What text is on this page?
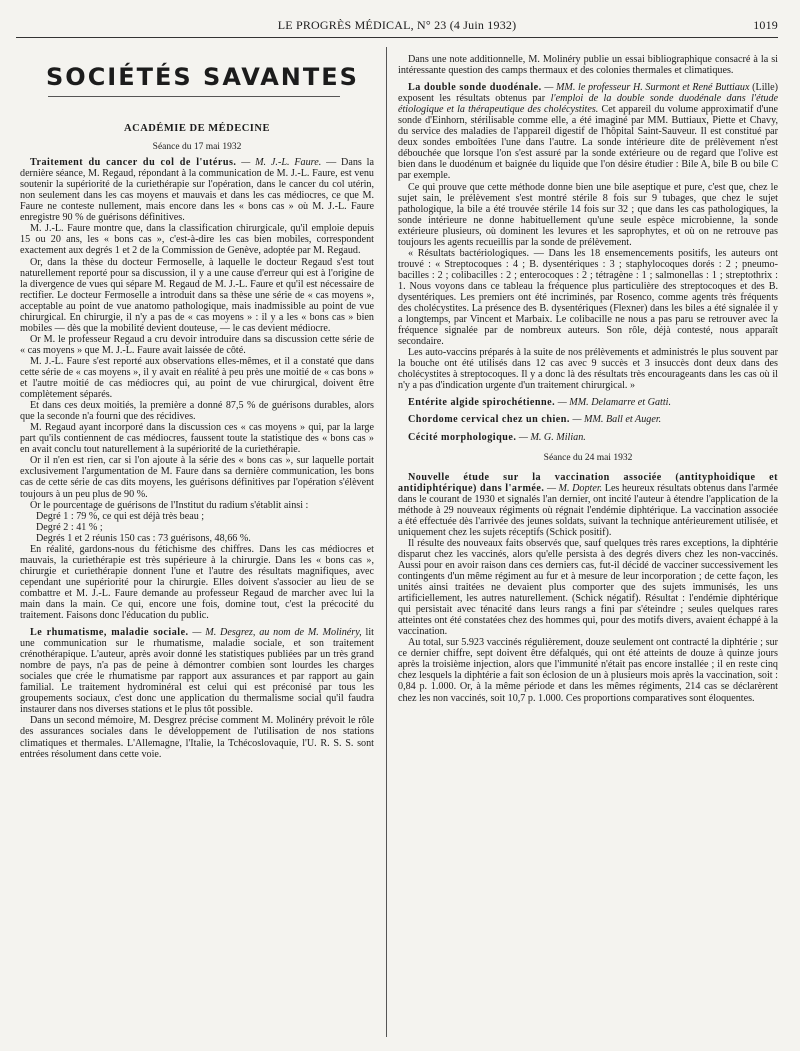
LE PROGRÈS MÉDICAL, N° 23 (4 Juin 1932)	1019
SOCIÉTÉS SAVANTES
ACADÉMIE DE MÉDECINE
Séance du 17 mai 1932

Traitement du cancer du col de l'utérus. — M. J.-L. Faure. — Dans la dernière séance, M. Regaud, répondant à la communication de M. J.-L. Faure, est venu soutenir la supériorité de la curiethérapie sur l'opération, dans le cancer du col utérin, non seulement dans les cas moyens et mauvais et dans les cas médiocres, ce que M. Faure ne conteste nullement, mais encore dans les « bons cas » où M. J.-L. Faure enregistre 90 % de guérisons définitives.

M. J.-L. Faure montre que, dans la classification chirurgicale, qu'il emploie depuis 15 ou 20 ans, les « bons cas », c'est-à-dire les cas bien mobiles, correspondent exactement aux degrés 1 et 2 de la Commission de Genève, adoptée par M. Regaud.

Or, dans la thèse du docteur Fermoselle, à laquelle le docteur Regaud s'est tout naturellement reporté pour sa discussion, il y a une cause d'erreur qui est à l'origine de la divergence de vues qui sépare M. Regaud de M. J.-L. Faure et qu'il est nécessaire de rectifier. Le docteur Fermoselle a introduit dans sa thèse une série de « cas moyens », acceptable au point de vue anatomo pathologique, mais inadmissible au point de vue chirurgical. En chirurgie, il n'y a pas de « cas moyens » : il y a les « bons cas » bien mobiles — dès que la mobilité devient douteuse, — le cas devient médiocre.

Or M. le professeur Regaud a cru devoir introduire dans sa discussion cette série de « cas moyens » que M. J.-L. Faure avait laissée de côté.

M. J.-L. Faure s'est reporté aux observations elles-mêmes, et il a constaté que dans cette série de « cas moyens », il y avait en réalité à peu près une moitié de « cas bons » et l'autre moitié de cas médiocres qui, au point de vue chirurgical, doivent être complètement séparés.

Et dans ces deux moitiés, la première a donné 87,5 % de guérisons durables, alors que la seconde n'a fourni que des récidives.

M. Regaud ayant incorporé dans la discussion ces « cas moyens » qui, par la large part qu'ils contiennent de cas médiocres, faussent toute la statistique des « bons cas » en avait conclu tout naturellement à la supériorité de la curiethérapie.

Or il n'en est rien, car si l'on ajoute à la série des « bons cas », sur laquelle portait exclusivement l'argumentation de M. Faure dans sa dernière communication, les bons cas de cette série de cas dits moyens, les guérisons définitives par l'opération s'élèvent toujours à un peu plus de 90 %.

Or le pourcentage de guérisons de l'Institut du radium s'établit ainsi :

Degré 1 : 79 %, ce qui est déjà très beau ;

Degré 2 : 41 % ;

Degrés 1 et 2 réunis 150 cas : 73 guérisons, 48,66 %.

En réalité, gardons-nous du fétichisme des chiffres. Dans les cas médiocres et mauvais, la curiethérapie est très supérieure à la chirurgie. Dans les « bons cas », chirurgie et curiethérapie donnent l'une et l'autre des résultats magnifiques, avec cependant une supériorité pour la chirurgie. Elles doivent s'associer au lieu de se combattre et M. J.-L. Faure demande au professeur Regaud de marcher avec lui la main dans la main. Ce qui, encore une fois, domine tout, c'est la précocité du traitement. Faisons donc l'éducation du public.

Le rhumatisme, maladie sociale. — M. Desgrez, au nom de M. Molinéry, lit une communication sur le rhumatisme, maladie sociale, et son traitement crénothérapique. L'auteur, après avoir donné les statistiques publiées par un très grand nombre de pays, n'a pas de peine à démontrer combien sont lourdes les charges sociales que crée le rhumatisme par rapport aux assurances et par rapport au gain familial. Le traitement hydrominéral est celui qui est préconisé par tous les groupements sociaux, c'est donc une application du thermalisme social qu'il faudra instaurer dans nos diverses stations et le plus tôt possible.

Dans un second mémoire, M. Desgrez précise comment M. Molinéry prévoit le rôle des assurances sociales dans le développement de l'utilisation de nos stations climatiques et thermales. L'Allemagne, l'Italie, la Tchécoslovaquie, l'U. R. S. S. sont entrées résolument dans cette voie.

Dans une note additionnelle, M. Molinéry publie un essai bibliographique consacré à la si intéressante question des camps thermaux et des colonies thermales et climatiques.

La double sonde duodénale. — MM. le professeur H. Surmont et René Buttiaux (Lille) exposent les résultats obtenus par l'emploi de la double sonde duodénale dans l'étude étiologique et la thérapeutique des cholécystites. Cet appareil du volume approximatif d'une sonde d'Einhorn, stérilisable comme elle, a été imaginé par MM. Buttiaux, Piette et Chavy, du service des maladies de l'appareil digestif de l'hôpital Saint-Sauveur. Il est constitué par deux sondes emboîtées l'une dans l'autre. La sonde intérieure dite de prélèvement n'est débouchée que lorsque l'on s'est assuré par la sonde extérieure ou de regard que l'olive est bien dans le duodénum et baignée du liquide que l'on désire étudier : Bile A, bile B ou bile C par exemple.

Ce qui prouve que cette méthode donne bien une bile aseptique et pure, c'est que, chez le sujet sain, le prélèvement s'est montré stérile 8 fois sur 9 tubages, que chez le sujet pathologique, la bile a été trouvée stérile 14 fois sur 32 ; que dans les cas pathologiques, la sonde intérieure ne donne habituellement qu'une seule espèce microbienne, la sonde extérieure plusieurs, où dominent les levures et les saprophytes, et où on ne retrouve pas toujours les agents recueillis par la sonde de prélèvement.

« Résultats bactériologiques. — Dans les 18 ensemencements positifs, les auteurs ont trouvé : « Streptocoques : 4 ; B. dysentériques : 3 ; staphylocoques dorés : 2 ; pneumo-bacilles : 2 ; colibacilles : 2 ; enterocoques : 2 ; tétragène : 1 ; salmonellas : 1 ; streptothrix : 1. Nous voyons dans ce tableau la fréquence plus particulière des streptocoques et des B. dysentériques. Les premiers ont été incriminés, par Rosenco, comme agents très fréquents des cholécystites. La présence des B. dysentériques (Flexner) dans les biles a été signalée il y a longtemps, par Vincent et Marbaix. Le colibacille ne nous a pas paru se retrouver avec la fréquence signalée par de nombreux auteurs. Son rôle, déjà contesté, nous apparaît secondaire.

Les auto-vaccins préparés à la suite de nos prélèvements et administrés le plus souvent par la bouche ont été utilisés dans 12 cas avec 9 succès et 3 insuccès dont deux dans des cholécystites à streptocoques. Il y a donc là des résultats très encourageants dans les cas où il n'y a pas d'indication urgente d'un traitement chirurgical. »

Entérite algide spirochétienne. — MM. Delamarre et Gatti.

Chordome cervical chez un chien. — MM. Ball et Auger.

Cécité morphologique. — M. G. Milian.

Séance du 24 mai 1932

Nouvelle étude sur la vaccination associée (antityphoidique et antidiphtérique) dans l'armée. — M. Dopter. Les heureux résultats obtenus dans l'armée dans le courant de 1930 et signalés l'an dernier, ont incité l'auteur à étendre l'application de la méthode à 29 nouveaux régiments où régnait l'endémie diphtérique. La vaccination associée a été effectuée dès l'arrivée des jeunes soldats, suivant la technique antérieurement utilisée, et uniquement chez les sujets réceptifs (Schick positif).

Il résulte des nouveaux faits observés que, sauf quelques très rares exceptions, la diphtérie disparut chez les vaccinés, alors qu'elle persista à des degrés divers chez les non-vaccinés. Aussi pour en avoir raison dans ces derniers cas, fut-il décidé de vacciner successivement les contingents d'un même régiment au fur et à mesure de leur incorporation ; de cette façon, les unités ainsi traitées ne devaient plus comporter que des sujets immunisés, les uns artificiellement, les autres naturellement. (Schick négatif). Résultat : l'endémie diphtérique qui persistait avec ténacité dans leurs rangs a fini par s'éteindre ; seules quelques rares atteintes ont été constatées chez des hommes qui, pour des motifs divers, avaient échappé à la vaccination.

Au total, sur 5.923 vaccinés régulièrement, douze seulement ont contracté la diphtérie ; sur ce dernier chiffre, sept doivent être défalqués, qui ont été atteints de douze à quinze jours après la troisième injection, alors que l'immunité n'était pas encore installée ; il en reste cinq chez lesquels la diphtérie a fait son éclosion de un à plusieurs mois après la vaccination, soit : 0,84 p. 1.000. Or, à la même période et dans les mêmes régiments, 214 cas se déclarèrent chez les non vaccinés, soit 10,7 p. 1.000. Ces proportions comparatives sont éloquentes.
